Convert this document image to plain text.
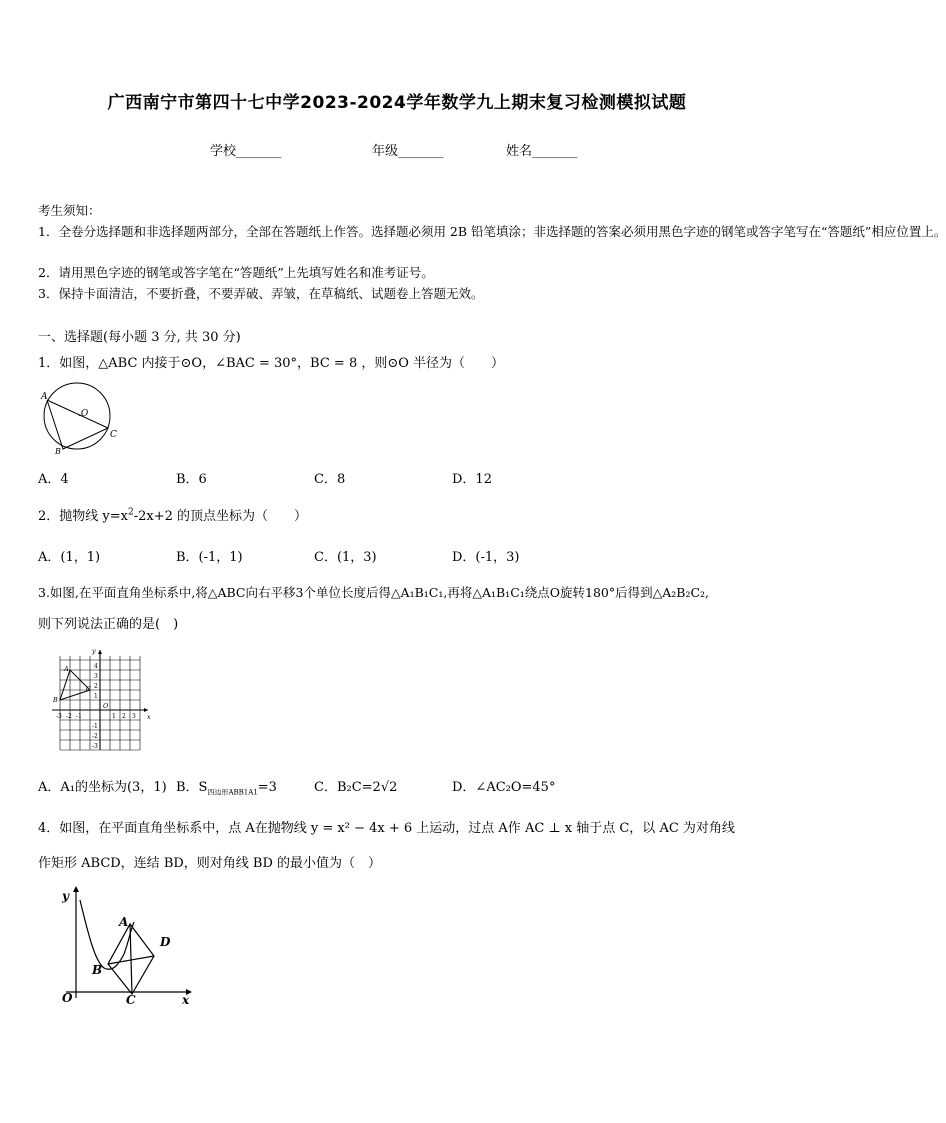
广西南宁市第四十七中学2023-2024学年数学九上期末复习检测模拟试题
学校_______	年级_______	姓名_______
考生须知：
1．全卷分选择题和非选择题两部分，全部在答题纸上作答。选择题必须用 2B 铅笔填涂；非选择题的答案必须用黑色字迹的钢笔或答字笔写在“答题纸”相应位置上。
2．请用黑色字迹的钢笔或答字笔在“答题纸”上先填写姓名和准考证号。
3．保持卡面清洁，不要折叠，不要弄破、弄皱，在草稿纸、试题卷上答题无效。
一、选择题(每小题 3 分, 共 30 分)
1．如图，△ABC 内接于⊙O，∠BAC = 30°，BC = 8 ，则⊙O 半径为（　　）
A
.O
B
C
A．4	B．6	C．8	D．12
2．抛物线 $y=x^2-2x+2$ 的顶点坐标为（　　）
A．(1，1)	B．(-1，1)	C．(1，3)	D．(-1，3)
3.如图,在平面直角坐标系中,将△ABC向右平移3个单位长度后得△A₁B₁C₁,再将△A₁B₁C₁绕点O旋转180°后得到△A₂B₂C₂,
则下列说法正确的是(　)
y
x
O
A
B
C
-3 -2 -1	1 2 3
4
3
2
1
-1
-2
-3
A．A₁的坐标为(3，1) B．$S_{四边形ABB1A1}=3$	C．B₂C=2√2	D．∠AC₂O=45°
4．如图，在平面直角坐标系中，点 A在抛物线 y = x² − 4x + 6 上运动，过点 A作 AC ⊥ x 轴于点 C，以 AC 为对角线
作矩形 ABCD，连结 BD，则对角线 BD 的最小值为（　）
y
x
O
A
B
C
D
